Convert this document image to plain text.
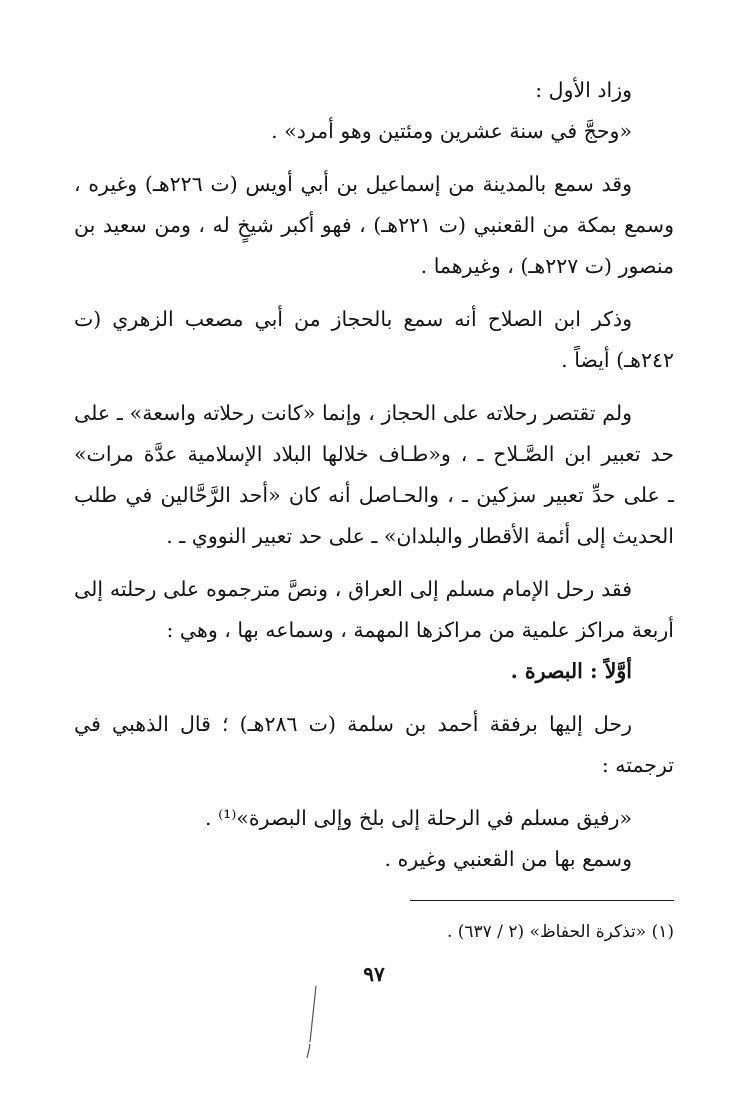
وزاد الأول :

«وحجَّ في سنة عشرين ومئتين وهو أمرد» .

وقد سمع بالمدينة من إسماعيل بن أبي أويس (ت ٢٢٦هـ) وغيره ،

وسمع بمكة من القعنبي (ت ٢٢١هـ) ، فهو أكبر شيخٍ له ، ومن سعيد بن

منصور (ت ٢٢٧هـ) ، وغيرهما .

وذكر ابن الصلاح أنه سمع بالحجاز من أبي مصعب الزهري (ت

٢٤٢هـ) أيضاً .

ولم تقتصر رحلاته على الحجاز ، وإنما «كانت رحلاته واسعة» ـ على

حد تعبير ابن الصَّـلاح ـ ، و«طـاف خلالها البلاد الإسلامية عدَّة مرات»

ـ على حدِّ تعبير سزكين ـ ، والحـاصل أنه كان «أحد الرَّحَّالين في طلب

الحديث إلى أئمة الأقطار والبلدان» ـ على حد تعبير النووي ـ .

فقد رحل الإمام مسلم إلى العراق ، ونصَّ مترجموه على رحلته إلى

أربعة مراكز علمية من مراكزها المهمة ، وسماعه بها ، وهي :

أوَّلاً : البصرة .

رحل إليها برفقة أحمد بن سلمة (ت ٢٨٦هـ) ؛ قال الذهبي في

ترجمته :

«رفيق مسلم في الرحلة إلى بلخ وإلى البصرة»⁽¹⁾ .

وسمع بها من القعنبي وغيره .

(١) «تذكرة الحفاظ» (٢ / ٦٣٧) .
٩٧
